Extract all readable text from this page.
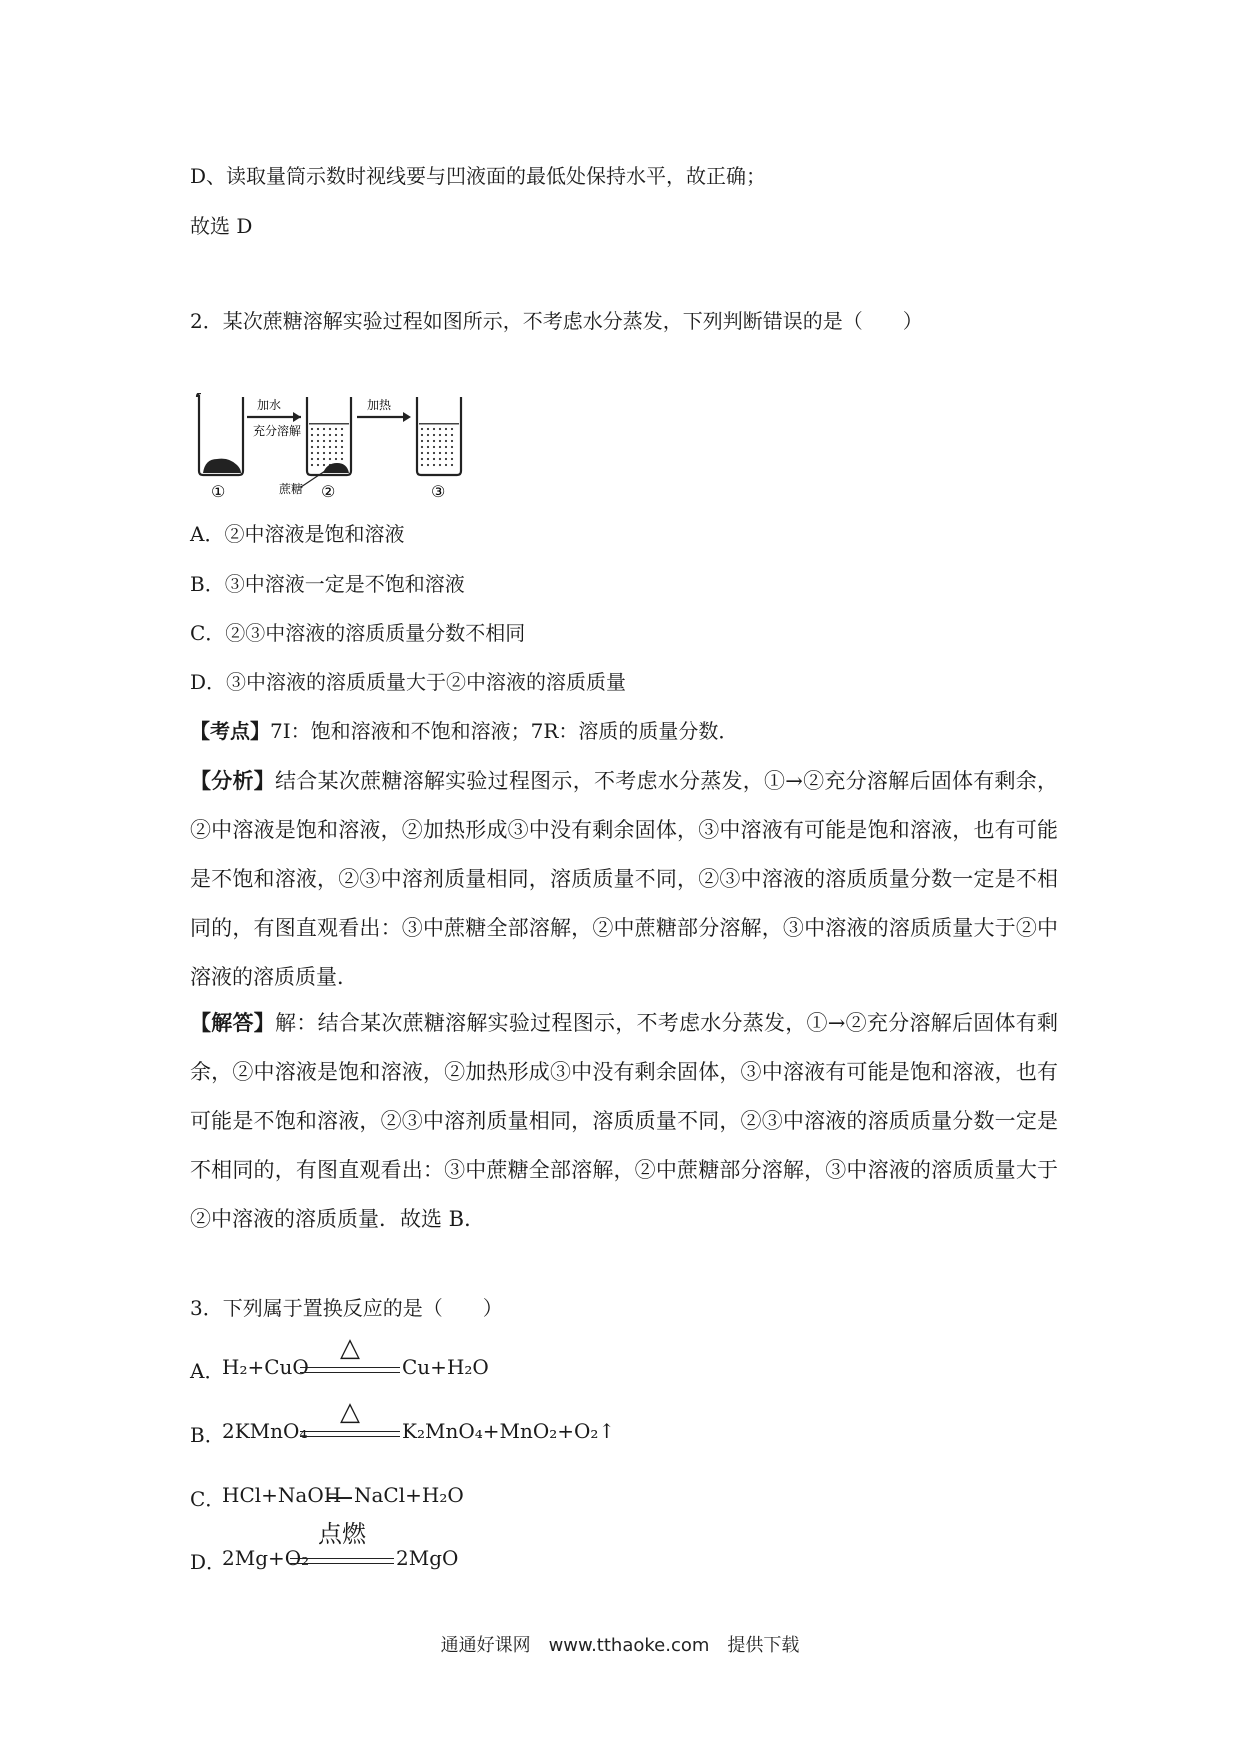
D、读取量筒示数时视线要与凹液面的最低处保持水平，故正确；
故选 D
2．某次蔗糖溶解实验过程如图所示，不考虑水分蒸发，下列判断错误的是（　　）
加水
充分溶解
加热
蔗糖
①	②	③
A．②中溶液是饱和溶液
B．③中溶液一定是不饱和溶液
C．②③中溶液的溶质质量分数不相同
D．③中溶液的溶质质量大于②中溶液的溶质质量
【考点】7I：饱和溶液和不饱和溶液；7R：溶质的质量分数．
【分析】结合某次蔗糖溶解实验过程图示，不考虑水分蒸发，①→②充分溶解后固体有剩余，②中溶液是饱和溶液，②加热形成③中没有剩余固体，③中溶液有可能是饱和溶液，也有可能是不饱和溶液，②③中溶剂质量相同，溶质质量不同，②③中溶液的溶质质量分数一定是不相同的，有图直观看出：③中蔗糖全部溶解，②中蔗糖部分溶解，③中溶液的溶质质量大于②中溶液的溶质质量．
【解答】解：结合某次蔗糖溶解实验过程图示，不考虑水分蒸发，①→②充分溶解后固体有剩余，②中溶液是饱和溶液，②加热形成③中没有剩余固体，③中溶液有可能是饱和溶液，也有可能是不饱和溶液，②③中溶剂质量相同，溶质质量不同，②③中溶液的溶质质量分数一定是不相同的，有图直观看出：③中蔗糖全部溶解，②中蔗糖部分溶解，③中溶液的溶质质量大于②中溶液的溶质质量．故选 B．
3．下列属于置换反应的是（　　）
A．
H₂+CuO
△
Cu+H₂O
B．
2KMnO₄
△
K₂MnO₄+MnO₂+O₂↑
C．
HCl+NaOH NaCl+H₂O
D．
2Mg+O₂
点燃
2MgO
通通好课网　www.tthaoke.com　提供下载
